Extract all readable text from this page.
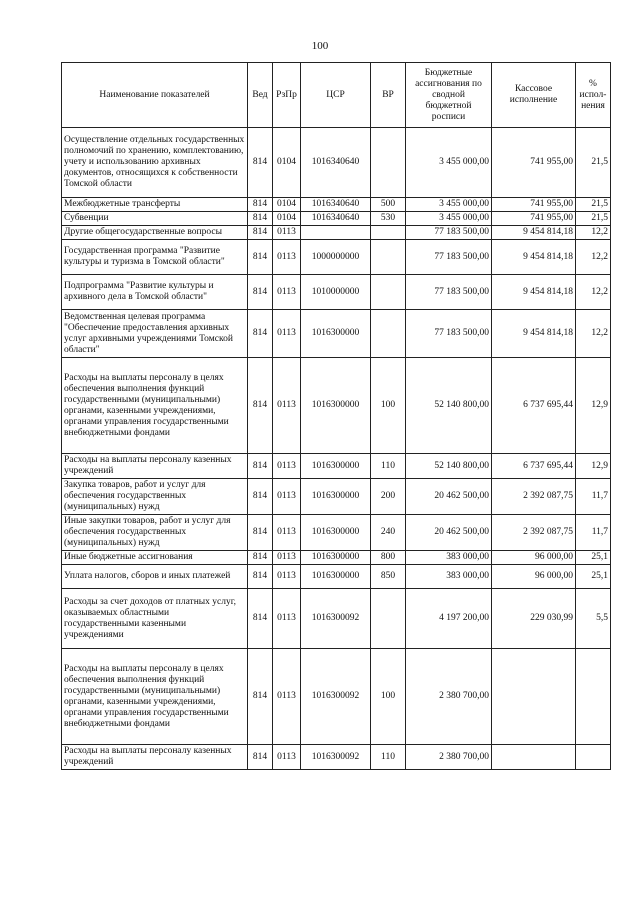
100
Наименование показателей	Вед	РзПр	ЦСР	ВР	Бюджетные ассигнования по сводной бюджетной росписи	Кассовое исполнение	% испол-нения
Осуществление отдельных государственных полномочий по хранению, комплектованию, учету и использованию архивных документов, относящихся к собственности Томской области	814	0104	1016340640		3 455 000,00	741 955,00	21,5
Межбюджетные трансферты	814	0104	1016340640	500	3 455 000,00	741 955,00	21,5
Субвенции	814	0104	1016340640	530	3 455 000,00	741 955,00	21,5
Другие общегосударственные вопросы	814	0113			77 183 500,00	9 454 814,18	12,2
Государственная программа "Развитие культуры и туризма в Томской области"	814	0113	1000000000		77 183 500,00	9 454 814,18	12,2
Подпрограмма "Развитие культуры и архивного дела в Томской области"	814	0113	1010000000		77 183 500,00	9 454 814,18	12,2
Ведомственная целевая программа "Обеспечение предоставления архивных услуг архивными учреждениями Томской области"	814	0113	1016300000		77 183 500,00	9 454 814,18	12,2
Расходы на выплаты персоналу в целях обеспечения выполнения функций государственными (муниципальными) органами, казенными учреждениями, органами управления государственными внебюджетными фондами	814	0113	1016300000	100	52 140 800,00	6 737 695,44	12,9
Расходы на выплаты персоналу казенных учреждений	814	0113	1016300000	110	52 140 800,00	6 737 695,44	12,9
Закупка товаров, работ и услуг для обеспечения государственных (муниципальных) нужд	814	0113	1016300000	200	20 462 500,00	2 392 087,75	11,7
Иные закупки товаров, работ и услуг для обеспечения государственных (муниципальных) нужд	814	0113	1016300000	240	20 462 500,00	2 392 087,75	11,7
Иные бюджетные ассигнования	814	0113	1016300000	800	383 000,00	96 000,00	25,1
Уплата налогов, сборов и иных платежей	814	0113	1016300000	850	383 000,00	96 000,00	25,1
Расходы за счет доходов от платных услуг, оказываемых областными государственными казенными учреждениями	814	0113	1016300092		4 197 200,00	229 030,99	5,5
Расходы на выплаты персоналу в целях обеспечения выполнения функций государственными (муниципальными) органами, казенными учреждениями, органами управления государственными внебюджетными фондами	814	0113	1016300092	100	2 380 700,00		
Расходы на выплаты персоналу казенных учреждений	814	0113	1016300092	110	2 380 700,00		
